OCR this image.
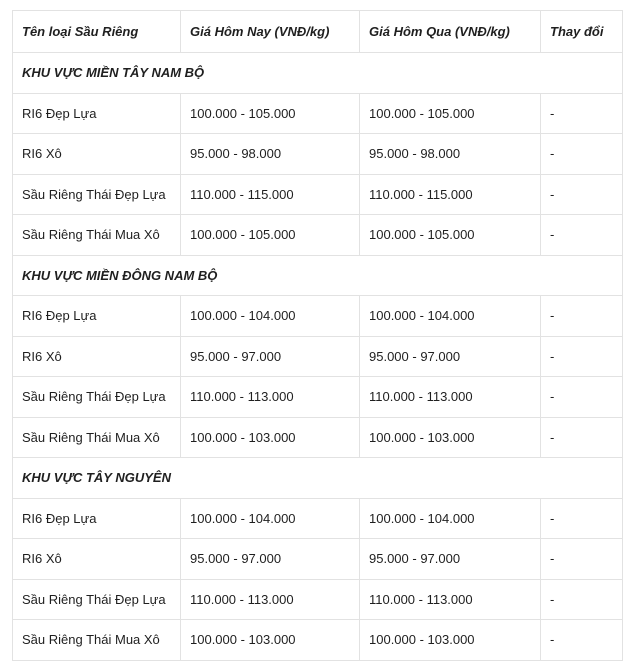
Tên loại Sầu Riêng	Giá Hôm Nay (VNĐ/kg)	Giá Hôm Qua (VNĐ/kg)	Thay đổi
KHU VỰC MIỀN TÂY NAM BỘ			
RI6 Đẹp Lựa	100.000 - 105.000	100.000 - 105.000	-
RI6 Xô	95.000 - 98.000	95.000 - 98.000	-
Sầu Riêng Thái Đẹp Lựa	110.000 - 115.000	110.000 - 115.000	-
Sầu Riêng Thái Mua Xô	100.000 - 105.000	100.000 - 105.000	-
KHU VỰC MIỀN ĐÔNG NAM BỘ			
RI6 Đẹp Lựa	100.000 - 104.000	100.000 - 104.000	-
RI6 Xô	95.000 - 97.000	95.000 - 97.000	-
Sầu Riêng Thái Đẹp Lựa	110.000 - 113.000	110.000 - 113.000	-
Sầu Riêng Thái Mua Xô	100.000 - 103.000	100.000 - 103.000	-
KHU VỰC TÂY NGUYÊN			
RI6 Đẹp Lựa	100.000 - 104.000	100.000 - 104.000	-
RI6 Xô	95.000 - 97.000	95.000 - 97.000	-
Sầu Riêng Thái Đẹp Lựa	110.000 - 113.000	110.000 - 113.000	-
Sầu Riêng Thái Mua Xô	100.000 - 103.000	100.000 - 103.000	-
